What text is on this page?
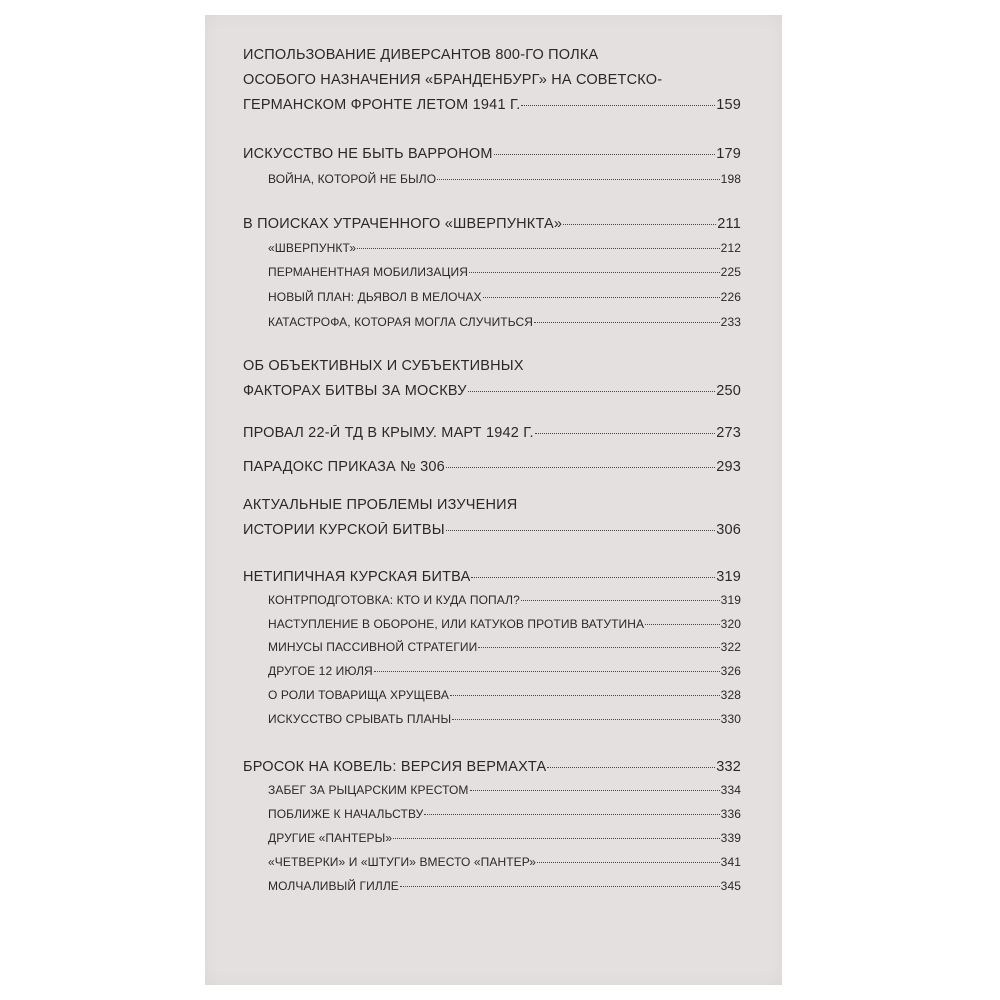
ИСПОЛЬЗОВАНИЕ ДИВЕРСАНТОВ 800-ГО ПОЛКА
ОСОБОГО НАЗНАЧЕНИЯ «БРАНДЕНБУРГ» НА СОВЕТСКО-
ГЕРМАНСКОМ ФРОНТЕ ЛЕТОМ 1941 Г.	159
ИСКУССТВО НЕ БЫТЬ ВАРРОНОМ	179
ВОЙНА, КОТОРОЙ НЕ БЫЛО	198
В ПОИСКАХ УТРАЧЕННОГО «ШВЕРПУНКТА»	211
«ШВЕРПУНКТ»	212
ПЕРМАНЕНТНАЯ МОБИЛИЗАЦИЯ	225
НОВЫЙ ПЛАН: ДЬЯВОЛ В МЕЛОЧАХ	226
КАТАСТРОФА, КОТОРАЯ МОГЛА СЛУЧИТЬСЯ	233
ОБ ОБЪЕКТИВНЫХ И СУБЪЕКТИВНЫХ
ФАКТОРАХ БИТВЫ ЗА МОСКВУ	250
ПРОВАЛ 22-Й ТД В КРЫМУ. МАРТ 1942 Г.	273
ПАРАДОКС ПРИКАЗА № 306	293
АКТУАЛЬНЫЕ ПРОБЛЕМЫ ИЗУЧЕНИЯ
ИСТОРИИ КУРСКОЙ БИТВЫ	306
НЕТИПИЧНАЯ КУРСКАЯ БИТВА	319
КОНТРПОДГОТОВКА: КТО И КУДА ПОПАЛ?	319
НАСТУПЛЕНИЕ В ОБОРОНЕ, ИЛИ КАТУКОВ ПРОТИВ ВАТУТИНА	320
МИНУСЫ ПАССИВНОЙ СТРАТЕГИИ	322
ДРУГОЕ 12 ИЮЛЯ	326
О РОЛИ ТОВАРИЩА ХРУЩЕВА	328
ИСКУССТВО СРЫВАТЬ ПЛАНЫ	330
БРОСОК НА КОВЕЛЬ: ВЕРСИЯ ВЕРМАХТА	332
ЗАБЕГ ЗА РЫЦАРСКИМ КРЕСТОМ	334
ПОБЛИЖЕ К НАЧАЛЬСТВУ	336
ДРУГИЕ «ПАНТЕРЫ»	339
«ЧЕТВЕРКИ» И «ШТУГИ» ВМЕСТО «ПАНТЕР»	341
МОЛЧАЛИВЫЙ ГИЛЛЕ	345
